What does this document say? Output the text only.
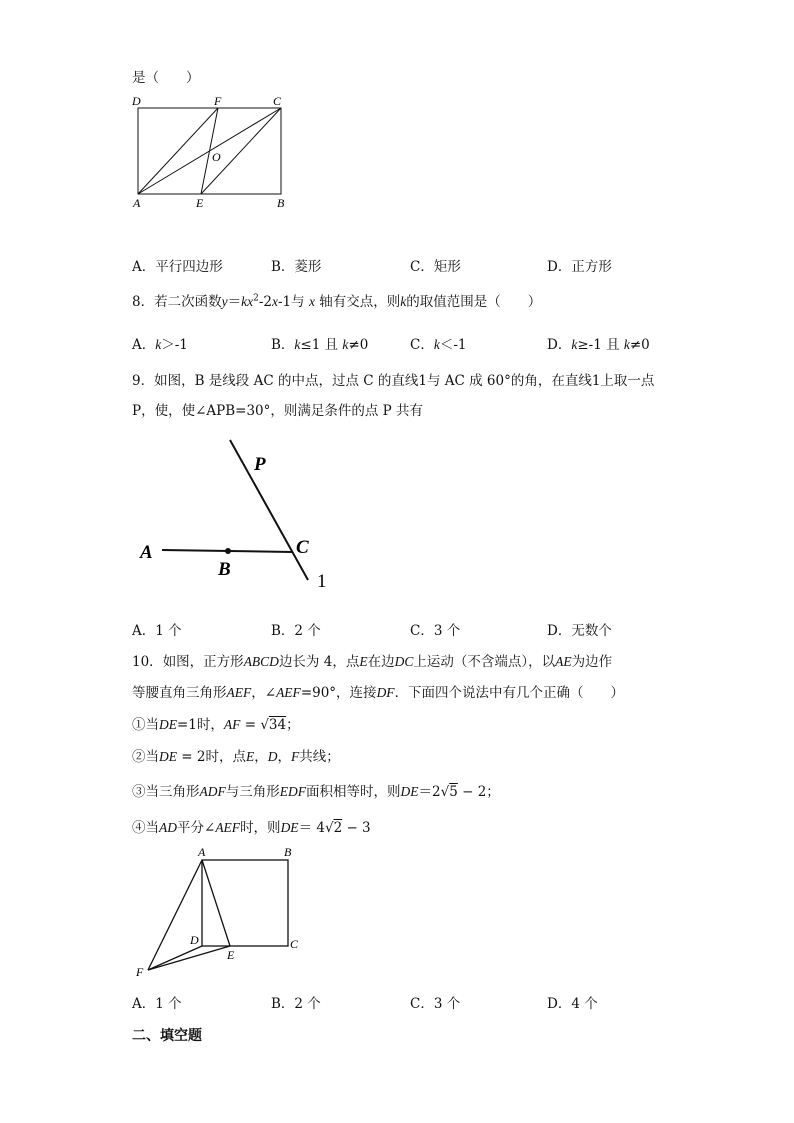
是（　　）
D	F	C
O
A	E	B
A．平行四边形	B．菱形	C．矩形	D．正方形
8．若二次函数$y=kx^2-2x-1$与 x 轴有交点，则k的取值范围是（　　）
A．k＞-1	B．k≤1 且 k≠0	C．k＜-1	D．k≥-1 且 k≠0
9．如图，B 是线段 AC 的中点，过点 C 的直线1与 AC 成 60°的角，在直线1上取一点
P，使，使∠APB=30°，则满足条件的点 P 共有
P
A
B
C
1
A．1 个	B．2 个	C．3 个	D．无数个
10．如图，正方形ABCD边长为 4，点E在边DC上运动（不含端点），以AE为边作
等腰直角三角形AEF，∠AEF=90°，连接DF．下面四个说法中有几个正确（　　）
①当DE=1时，AF = √34；
②当DE = 2时，点E，D，F共线；
③当三角形ADF与三角形EDF面积相等时，则DE＝2√5 − 2；
④当AD平分∠AEF时，则DE＝ 4√2 − 3
A	B
C
D
E
F
A．1 个	B．2 个	C．3 个	D．4 个
二、填空题
